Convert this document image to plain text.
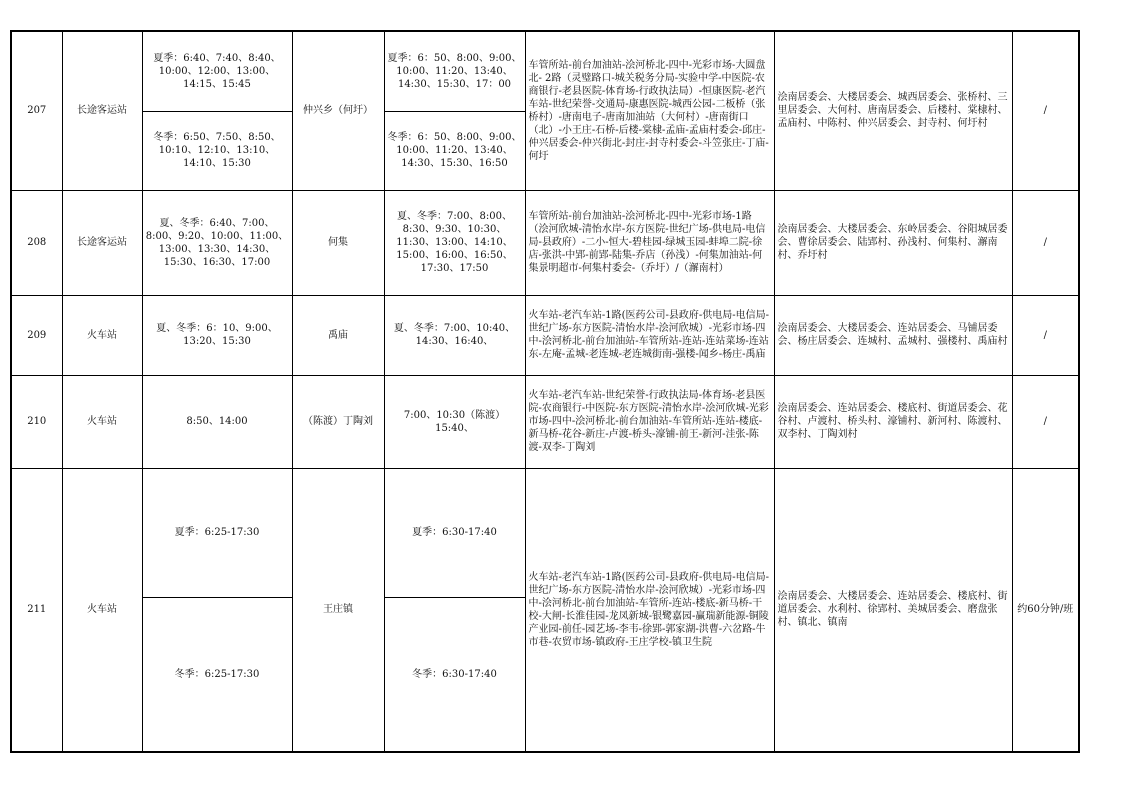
207	长途客运站	夏季：6:40、7:40、8:40、10:00、12:00、13:00、14:15、15:45	仲兴乡（何圩）	夏季：6：50、8:00、9:00、10:00、11:20、13:40、14:30、15:30、17：00	车管所站-前台加油站-浍河桥北-四中-光彩市场-大圆盘北- 2路（灵璧路口-城关税务分局-实验中学-中医院-农商银行-老县医院-体育场-行政执法局）-恒康医院-老汽车站-世纪荣誉-交通局-康惠医院-城西公园-二板桥（张桥村）-唐南电子-唐南加油站（大何村）-唐南街口（北）-小王庄-石桥-后楼-棠棣-孟庙-孟庙村委会-邱庄-仲兴居委会-仲兴街北-封庄-封寺村委会-斗笠张庄-丁庙-何圩	浍南居委会、大楼居委会、城西居委会、张桥村、三里居委会、大何村、唐南居委会、后楼村、棠棣村、孟庙村、中陈村、仲兴居委会、封寺村、何圩村	/
		冬季：6:50、7:50、8:50、10:10、12:10、13:10、14:10、15:30		冬季：6：50、8:00、9:00、10:00、11:20、13:40、14:30、15:30、16:50			
208	长途客运站	夏、冬季：6:40、7:00、8:00、9:20、10:00、11:00、13:00、13:30、14:30、15:30、16:30、17:00	何集	夏、冬季：7:00、8:00、8:30、9:30、10:30、11:30、13:00、14:10、15:00、16:00、16:50、17:30、17:50	车管所站-前台加油站-浍河桥北-四中-光彩市场-1路（浍河欣城-清怡水岸-东方医院-世纪广场-供电局-电信局-县政府）-二小-恒大-碧桂园-绿城玉园-蚌埠二院-徐店-张洪-中郢-前郢-陆集-乔店（孙浅）-何集加油站-何集景明超市-何集村委会-（乔圩）/（澥南村）	浍南居委会、大楼居委会、东岭居委会、谷阳城居委会、曹徐居委会、陆郢村、孙浅村、何集村、澥南村、乔圩村	/
209	火车站	夏、冬季：6：10、9:00、13:20、15:30	禹庙	夏、冬季：7:00、10:40、14:30、16:40、	火车站-老汽车站-1路(医药公司-县政府-供电局-电信局-世纪广场-东方医院-清怡水岸-浍河欣城）-光彩市场-四中-浍河桥北-前台加油站-车管所站-连站-连站菜场-连站东-左庵-孟城-老连城-老连城街南-强楼-闻乡-杨庄-禹庙	浍南居委会、大楼居委会、连站居委会、马铺居委会、杨庄居委会、连城村、孟城村、强楼村、禹庙村	/
210	火车站	8:50、14:00	（陈渡）丁陶刘	7:00、10:30（陈渡）15:40、	火车站-老汽车站-世纪荣誉-行政执法局-体育场-老县医院-农商银行-中医院-东方医院-清怡水岸-浍河欣城-光彩市场-四中-浍河桥北-前台加油站-车管所站-连站-楼底-新马桥-花谷-新庄-卢渡-桥头-濠铺-前王-新河-洼张-陈渡-双李-丁陶刘	浍南居委会、连站居委会、楼底村、街道居委会、花谷村、卢渡村、桥头村、濠铺村、新河村、陈渡村、双李村、丁陶刘村	/
211	火车站	夏季：6:25-17:30	王庄镇	夏季：6:30-17:40	火车站-老汽车站-1路(医药公司-县政府-供电局-电信局-世纪广场-东方医院-清怡水岸-浍河欣城）-光彩市场-四中-浍河桥北-前台加油站-车管所-连站-楼底-新马桥-干校-大闸-长淮佳园-龙凤新城-银鹭嘉园-赢瑞新能源-铜陵产业园-前任-园艺场-李韦-徐郢-郭家湖-洪曹-六岔路-牛市巷-农贸市场-镇政府-王庄学校-镇卫生院	浍南居委会、大楼居委会、连站居委会、楼底村、街道居委会、水利村、徐郢村、美城居委会、磨盘张村、镇北、镇南	约60分钟/班
		冬季：6:25-17:30		冬季：6:30-17:40			
